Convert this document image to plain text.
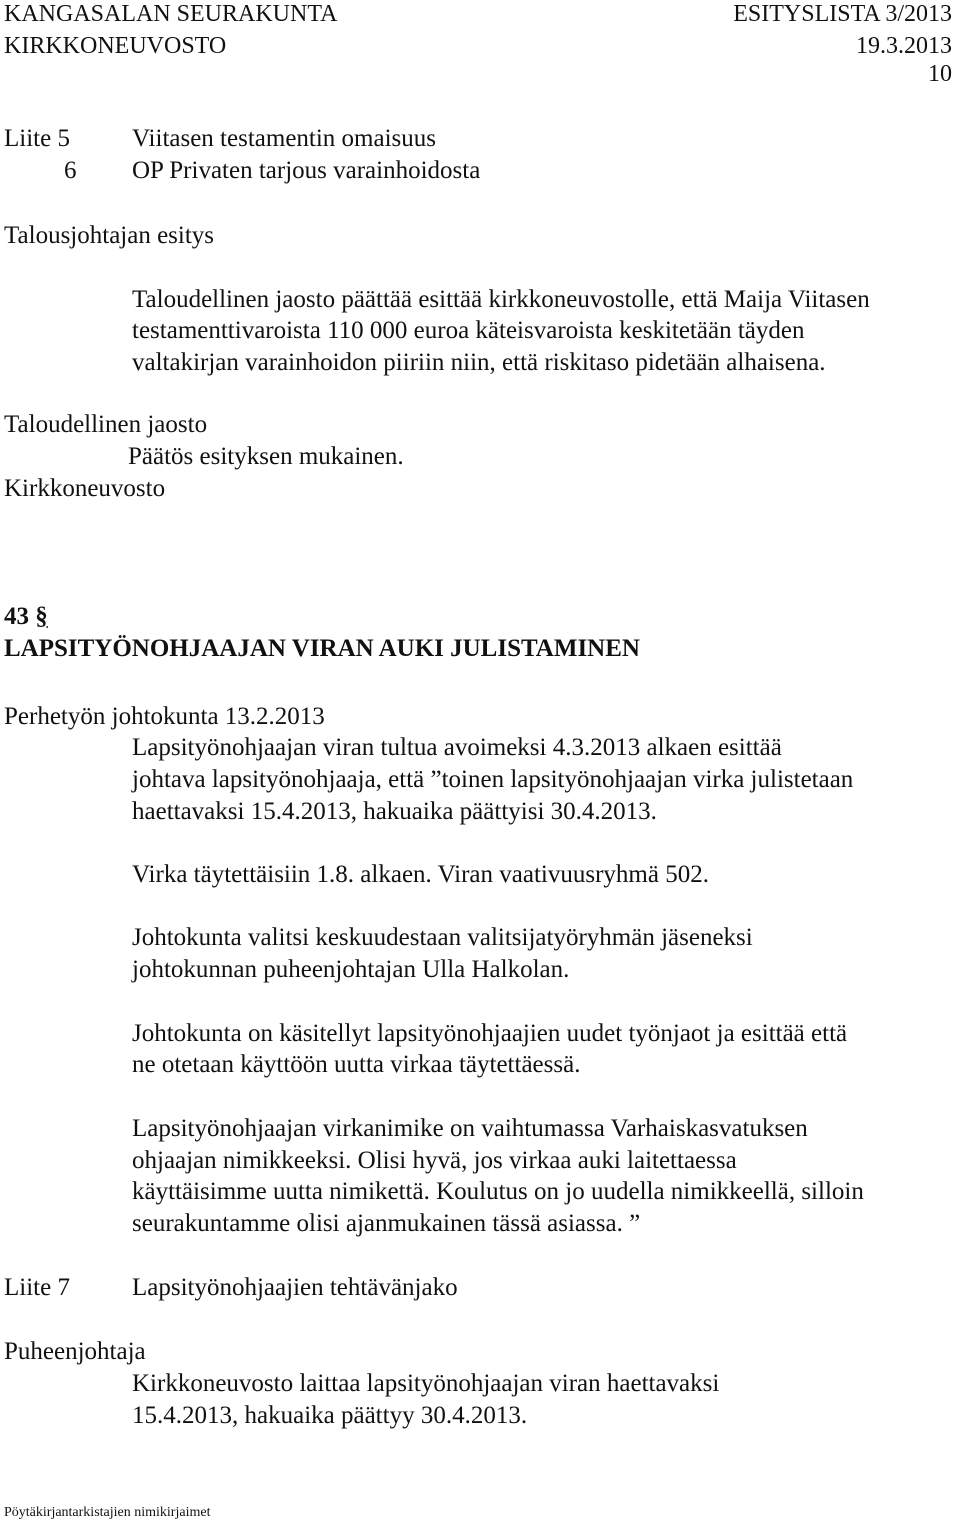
KANGASALAN SEURAKUNTA	ESITYSLISTA 3/2013
KIRKKONEUVOSTO	19.3.2013
10
Liite 5 Viitasen testamentin omaisuus
6 OP Privaten tarjous varainhoidosta
Talousjohtajan esitys
Taloudellinen jaosto päättää esittää kirkkoneuvostolle, että Maija Viitasen
testamenttivaroista 110 000 euroa käteisvaroista keskitetään täyden
valtakirjan varainhoidon piiriin niin, että riskitaso pidetään alhaisena.
Taloudellinen jaosto
Päätös esityksen mukainen.
Kirkkoneuvosto
43 §
LAPSITYÖNOHJAAJAN VIRAN AUKI JULISTAMINEN
Perhetyön johtokunta 13.2.2013
Lapsityönohjaajan viran tultua avoimeksi 4.3.2013 alkaen esittää
johtava lapsityönohjaaja, että ”toinen lapsityönohjaajan virka julistetaan
haettavaksi 15.4.2013, hakuaika päättyisi 30.4.2013.
Virka täytettäisiin 1.8. alkaen. Viran vaativuusryhmä 502.
Johtokunta valitsi keskuudestaan valitsijatyöryhmän jäseneksi
johtokunnan puheenjohtajan Ulla Halkolan.
Johtokunta on käsitellyt lapsityönohjaajien uudet työnjaot ja esittää että
ne otetaan käyttöön uutta virkaa täytettäessä.
Lapsityönohjaajan virkanimike on vaihtumassa Varhaiskasvatuksen
ohjaajan nimikkeeksi. Olisi hyvä, jos virkaa auki laitettaessa
käyttäisimme uutta nimikettä. Koulutus on jo uudella nimikkeellä, silloin
seurakuntamme olisi ajanmukainen tässä asiassa. ”
Liite 7 Lapsityönohjaajien tehtävänjako
Puheenjohtaja
Kirkkoneuvosto laittaa lapsityönohjaajan viran haettavaksi
15.4.2013, hakuaika päättyy 30.4.2013.
Pöytäkirjantarkistajien nimikirjaimet
